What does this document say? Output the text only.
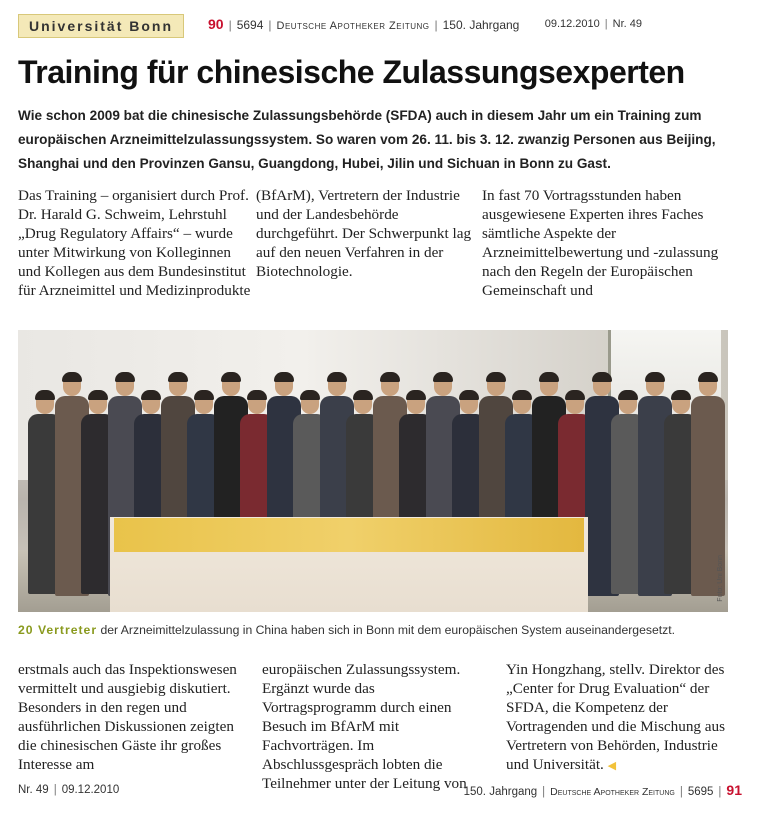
Universität Bonn	90 | 5694 | Deutsche Apotheker Zeitung | 150. Jahrgang 09.12.2010 | Nr. 49
Training für chinesische Zulassungsexperten
Wie schon 2009 bat die chinesische Zulassungsbehörde (SFDA) auch in diesem Jahr um ein Training zum europäischen Arzneimittelzulassungssystem. So waren vom 26. 11. bis 3. 12. zwanzig Personen aus Beijing, Shanghai und den Provinzen Gansu, Guangdong, Hubei, Jilin und Sichuan in Bonn zu Gast.

Das Training – organisiert durch Prof. Dr. Harald G. Schweim, Lehrstuhl „Drug Regulatory Affairs“ – wurde unter Mitwirkung von Kolleginnen und Kollegen aus dem Bundesinstitut für Arzneimittel und Medizinprodukte

(BfArM), Vertretern der Industrie und der Landesbehörde durchgeführt. Der Schwerpunkt lag auf den neuen Verfahren in der Biotechnologie.

In fast 70 Vortragsstunden haben ausgewiesene Experten ihres Faches sämtliche Aspekte der Arzneimittelbewertung und -zulassung nach den Regeln der Europäischen Gemeinschaft und

Foto: Uni Bonn
20 Vertreter der Arzneimittelzulassung in China haben sich in Bonn mit dem europäischen System auseinandergesetzt.

erstmals auch das Inspektionswesen vermittelt und ausgiebig diskutiert. Besonders in den regen und ausführlichen Diskussionen zeigten die chinesischen Gäste ihr großes Interesse am

europäischen Zulassungssystem. Ergänzt wurde das Vortragsprogramm durch einen Besuch im BfArM mit Fachvorträgen. Im Abschlussgespräch lobten die Teilnehmer unter der Leitung von

Yin Hongzhang, stellv. Direktor des „Center for Drug Evaluation“ der SFDA, die Kompetenz der Vortragenden und die Mischung aus Vertretern von Behörden, Industrie und Universität. ◀

Nr. 49 | 09.12.2010	150. Jahrgang | Deutsche Apotheker Zeitung | 5695 | 91
